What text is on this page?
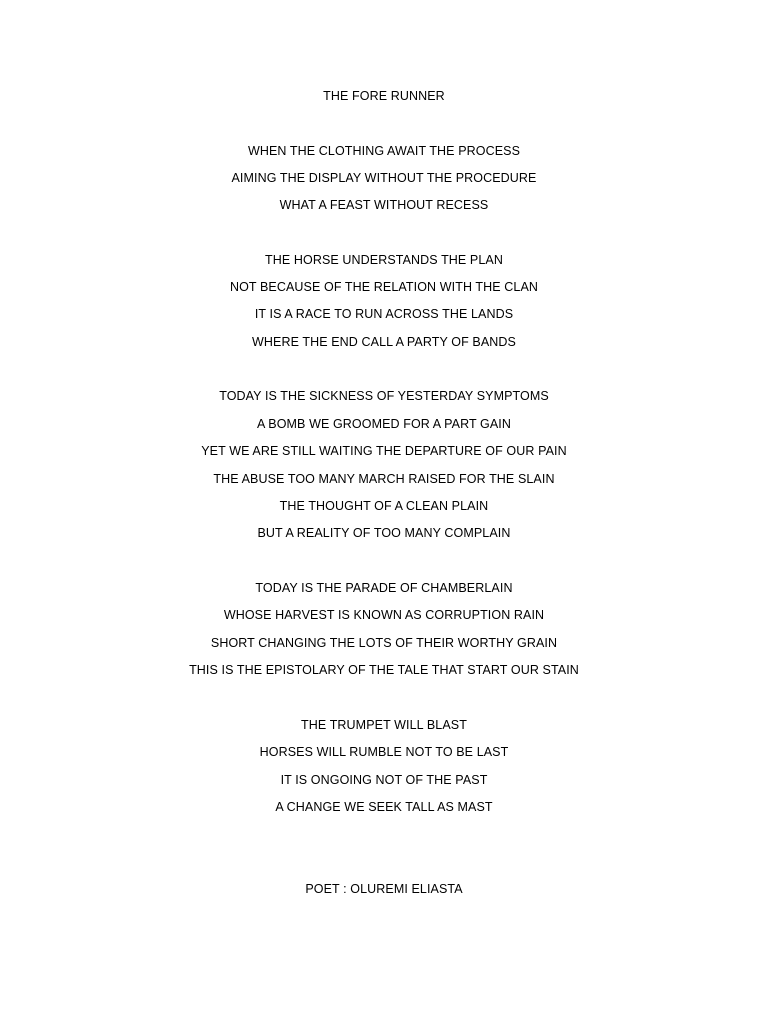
THE FORE RUNNER
WHEN THE CLOTHING AWAIT THE PROCESS
AIMING THE DISPLAY WITHOUT THE PROCEDURE
WHAT A FEAST WITHOUT RECESS
THE HORSE UNDERSTANDS THE PLAN
NOT BECAUSE OF THE RELATION WITH THE CLAN
IT IS A RACE TO RUN ACROSS THE LANDS
WHERE THE END CALL A PARTY OF BANDS
TODAY IS THE SICKNESS OF YESTERDAY SYMPTOMS
A BOMB WE GROOMED FOR A PART GAIN
YET WE ARE STILL WAITING THE DEPARTURE OF OUR PAIN
THE ABUSE TOO MANY MARCH RAISED FOR THE SLAIN
THE THOUGHT OF A CLEAN PLAIN
BUT A REALITY OF TOO MANY COMPLAIN
TODAY IS THE PARADE OF CHAMBERLAIN
WHOSE HARVEST IS KNOWN AS CORRUPTION RAIN
SHORT CHANGING THE LOTS OF THEIR WORTHY GRAIN
THIS IS THE EPISTOLARY OF THE TALE THAT START OUR STAIN
THE TRUMPET WILL BLAST
HORSES WILL RUMBLE NOT TO BE LAST
IT IS ONGOING NOT OF THE PAST
A CHANGE WE SEEK TALL AS MAST
POET : OLUREMI ELIASTA
